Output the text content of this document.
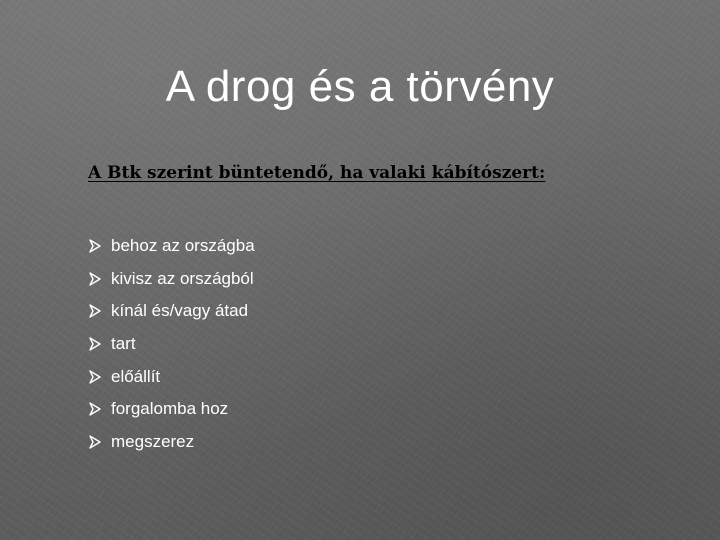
A drog és a törvény

A Btk szerint büntetendő, ha valaki kábítószert:

behoz az országba
kivisz az országból
kínál és/vagy átad
tart
előállít
forgalomba hoz
megszerez
